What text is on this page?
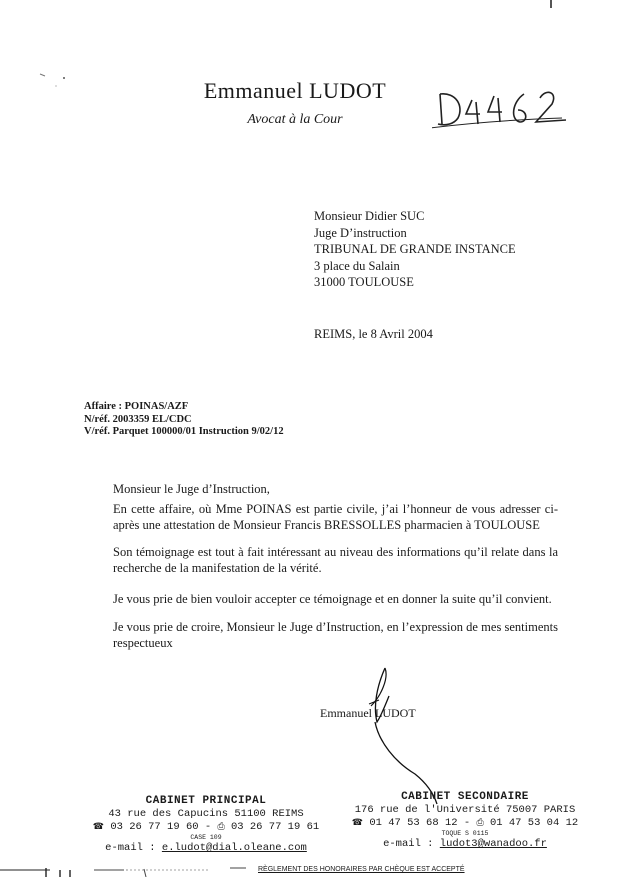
Emmanuel LUDOT
Avocat à la Cour
Monsieur Didier SUC
Juge D’instruction
TRIBUNAL DE GRANDE INSTANCE
3 place du Salain
31000 TOULOUSE
REIMS, le 8 Avril 2004
Affaire : POINAS/AZF
N/réf. 2003359 EL/CDC
V/réf. Parquet 100000/01 Instruction 9/02/12
Monsieur le Juge d’Instruction,
En cette affaire, où Mme POINAS est partie civile, j’ai l’honneur de vous adresser ci-après une attestation de Monsieur Francis BRESSOLLES pharmacien à TOULOUSE
Son témoignage est tout à fait intéressant au niveau des informations qu’il relate dans la recherche de la manifestation de la vérité.
Je vous prie de bien vouloir accepter ce témoignage et en donner la suite qu’il convient.
Je vous prie de croire, Monsieur le Juge d’Instruction, en l’expression de mes sentiments respectueux
Emmanuel LUDOT
CABINET PRINCIPAL
43 rue des Capucins 51100 REIMS
☎ 03 26 77 19 60 - ⎙ 03 26 77 19 61
CASE 109
e-mail : e.ludot@dial.oleane.com
CABINET SECONDAIRE
176 rue de l'Université 75007 PARIS
☎ 01 47 53 68 12 - ⎙ 01 47 53 04 12
TOQUE S 0115
e-mail : ludot3@wanadoo.fr
RÈGLEMENT DES HONORAIRES PAR CHÈQUE EST ACCEPTÉ
